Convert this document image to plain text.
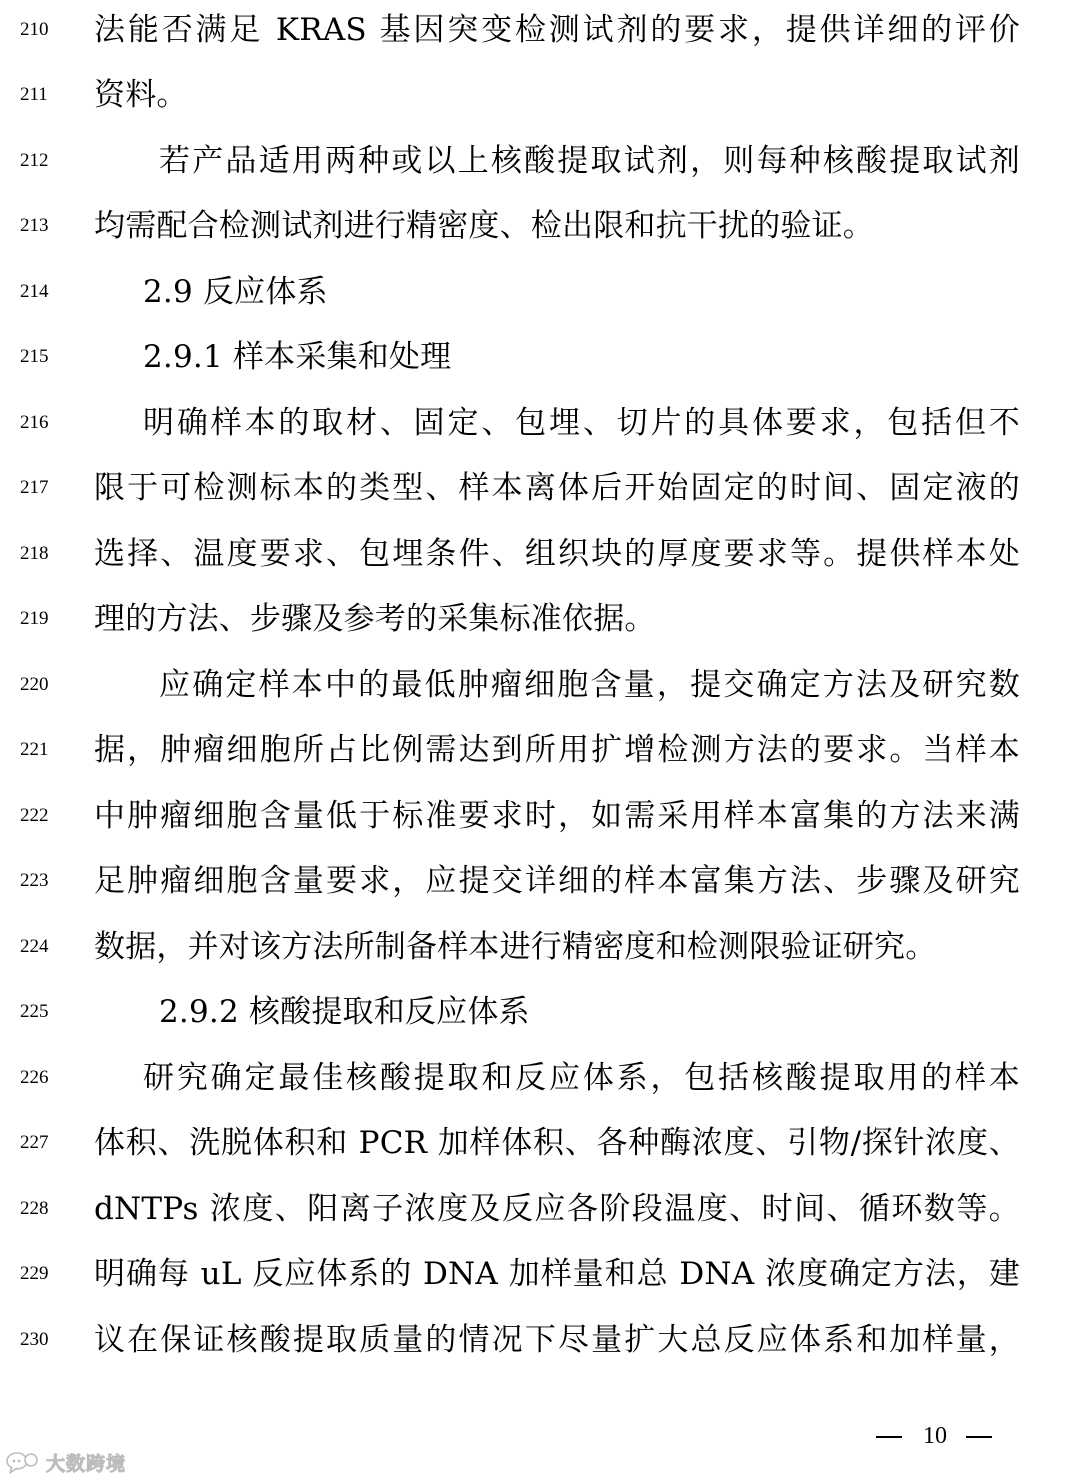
210	法能否满足 KRAS 基因突变检测试剂的要求，提供详细的评价
211	资料。
212	若产品适用两种或以上核酸提取试剂，则每种核酸提取试剂
213	均需配合检测试剂进行精密度、检出限和抗干扰的验证。
214	2.9 反应体系
215	2.9.1 样本采集和处理
216	明确样本的取材、固定、包埋、切片的具体要求，包括但不
217	限于可检测标本的类型、样本离体后开始固定的时间、固定液的
218	选择、温度要求、包埋条件、组织块的厚度要求等。提供样本处
219	理的方法、步骤及参考的采集标准依据。
220	应确定样本中的最低肿瘤细胞含量，提交确定方法及研究数
221	据，肿瘤细胞所占比例需达到所用扩增检测方法的要求。当样本
222	中肿瘤细胞含量低于标准要求时，如需采用样本富集的方法来满
223	足肿瘤细胞含量要求，应提交详细的样本富集方法、步骤及研究
224	数据，并对该方法所制备样本进行精密度和检测限验证研究。
225	2.9.2 核酸提取和反应体系
226	研究确定最佳核酸提取和反应体系，包括核酸提取用的样本
227	体积、洗脱体积和 PCR 加样体积、各种酶浓度、引物/探针浓度、
228	dNTPs 浓度、阳离子浓度及反应各阶段温度、时间、循环数等。
229	明确每 uL 反应体系的 DNA 加样量和总 DNA 浓度确定方法，建
230	议在保证核酸提取质量的情况下尽量扩大总反应体系和加样量，
10
大数跨境
